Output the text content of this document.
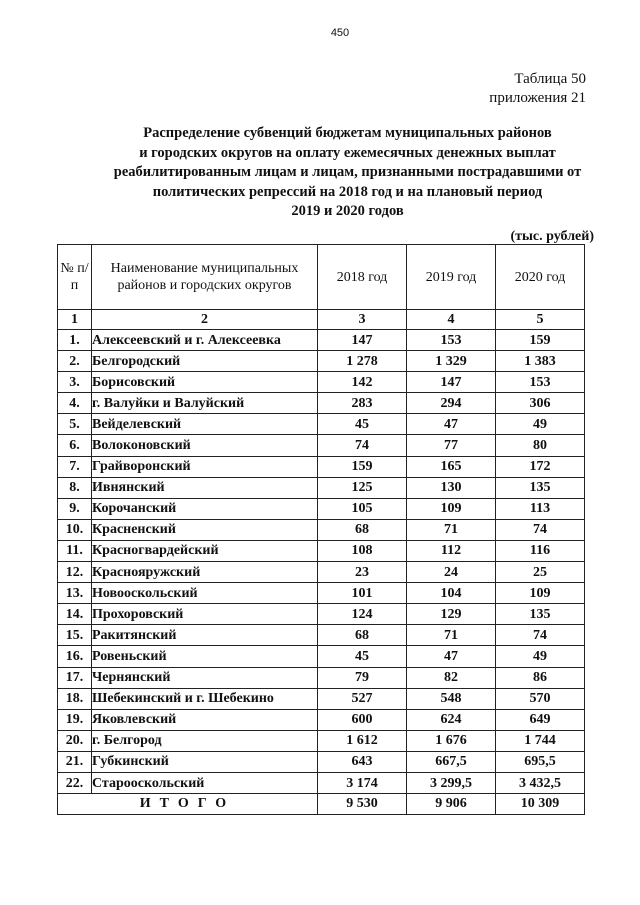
450
Таблица 50
приложения 21
Распределение субвенций бюджетам муниципальных районов
и городских округов на оплату ежемесячных денежных выплат
реабилитированным лицам и лицам, признанными пострадавшими от
политических репрессий на 2018 год и на плановый период
2019 и 2020 годов
(тыс. рублей)
№ п/п	Наименование муниципальных районов и городских округов	2018 год	2019 год	2020 год
1	2	3	4	5
1.	Алексеевский и г. Алексеевка	147	153	159
2.	Белгородский	1 278	1 329	1 383
3.	Борисовский	142	147	153
4.	г. Валуйки и Валуйский	283	294	306
5.	Вейделевский	45	47	49
6.	Волоконовский	74	77	80
7.	Грайворонский	159	165	172
8.	Ивнянский	125	130	135
9.	Корочанский	105	109	113
10.	Красненский	68	71	74
11.	Красногвардейский	108	112	116
12.	Краснояружский	23	24	25
13.	Новооскольский	101	104	109
14.	Прохоровский	124	129	135
15.	Ракитянский	68	71	74
16.	Ровеньский	45	47	49
17.	Чернянский	79	82	86
18.	Шебекинский и г. Шебекино	527	548	570
19.	Яковлевский	600	624	649
20.	г. Белгород	1 612	1 676	1 744
21.	Губкинский	643	667,5	695,5
22.	Старооскольский	3 174	3 299,5	3 432,5
ИТОГО		9 530	9 906	10 309
